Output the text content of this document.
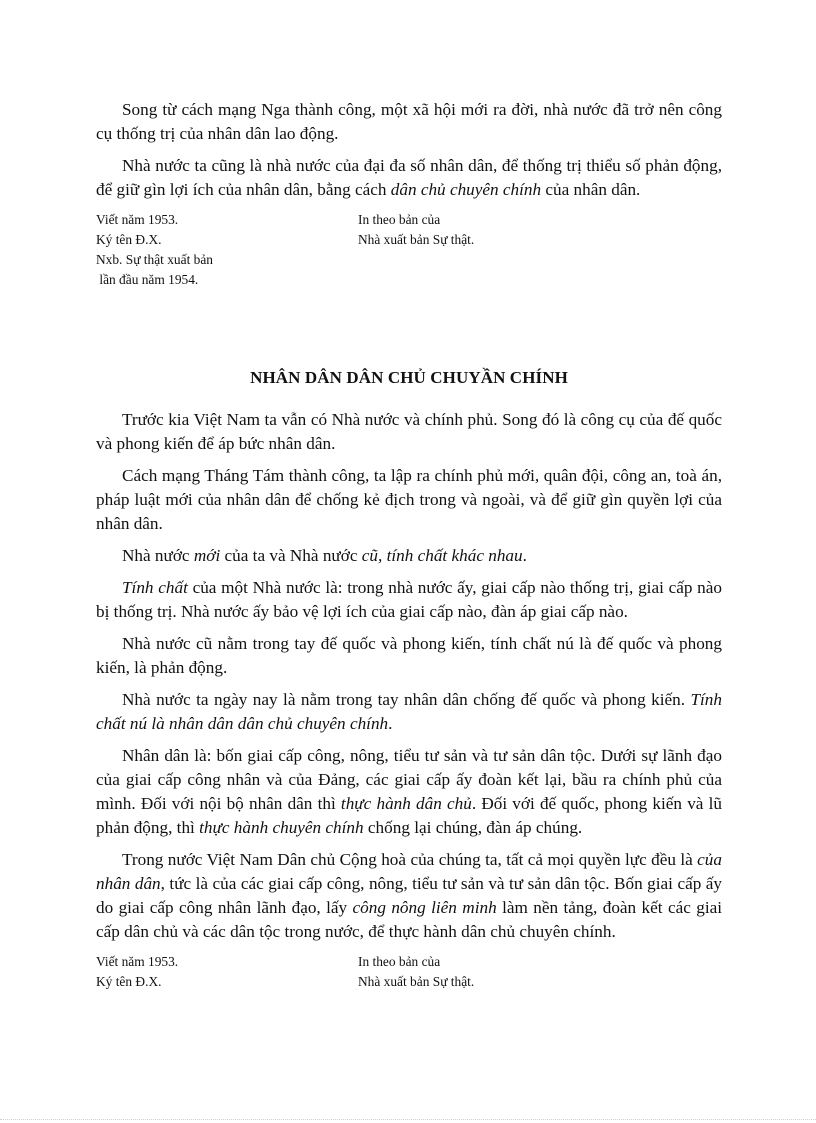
Song từ cách mạng Nga thành công, một xã hội mới ra đời, nhà nước đã trở nên công cụ thống trị của nhân dân lao động.

Nhà nước ta cũng là nhà nước của đại đa số nhân dân, để thống trị thiểu số phản động, để giữ gìn lợi ích của nhân dân, bằng cách dân chủ chuyên chính của nhân dân.

Viết năm 1953.
Ký tên Đ.X.
Nxb. Sự thật xuất bản
lần đầu năm 1954.
In theo bản của
Nhà xuất bản Sự thật.
NHÂN DÂN DÂN CHỦ CHUYẦN CHÍNH

Trước kia Việt Nam ta vẫn có Nhà nước và chính phủ. Song đó là công cụ của đế quốc và phong kiến để áp bức nhân dân.

Cách mạng Tháng Tám thành công, ta lập ra chính phủ mới, quân đội, công an, toà án, pháp luật mới của nhân dân để chống kẻ địch trong và ngoài, và để giữ gìn quyền lợi của nhân dân.

Nhà nước mới của ta và Nhà nước cũ, tính chất khác nhau.

Tính chất của một Nhà nước là: trong nhà nước ấy, giai cấp nào thống trị, giai cấp nào bị thống trị. Nhà nước ấy bảo vệ lợi ích của giai cấp nào, đàn áp giai cấp nào.

Nhà nước cũ nằm trong tay đế quốc và phong kiến, tính chất nú là đế quốc và phong kiến, là phản động.

Nhà nước ta ngày nay là nằm trong tay nhân dân chống đế quốc và phong kiến. Tính chất nú là nhân dân dân chủ chuyên chính.

Nhân dân là: bốn giai cấp công, nông, tiểu tư sản và tư sản dân tộc. Dưới sự lãnh đạo của giai cấp công nhân và của Đảng, các giai cấp ấy đoàn kết lại, bầu ra chính phủ của mình. Đối với nội bộ nhân dân thì thực hành dân chủ. Đối với đế quốc, phong kiến và lũ phản động, thì thực hành chuyên chính chống lại chúng, đàn áp chúng.

Trong nước Việt Nam Dân chủ Cộng hoà của chúng ta, tất cả mọi quyền lực đều là của nhân dân, tức là của các giai cấp công, nông, tiểu tư sản và tư sản dân tộc. Bốn giai cấp ấy do giai cấp công nhân lãnh đạo, lấy công nông liên minh làm nền tảng, đoàn kết các giai cấp dân chủ và các dân tộc trong nước, để thực hành dân chủ chuyên chính.

Viết năm 1953.
Ký tên Đ.X.
In theo bản của
Nhà xuất bản Sự thật.
